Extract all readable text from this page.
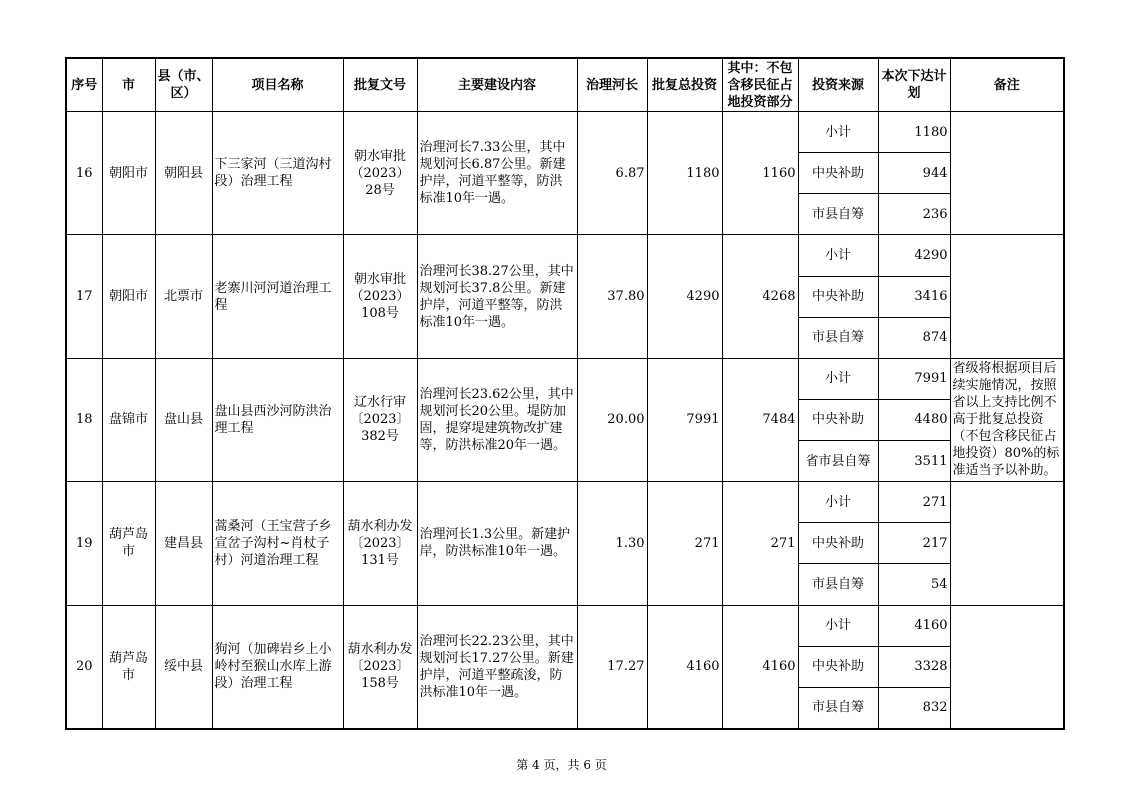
序号	市	县（市、区）	项目名称	批复文号	主要建设内容	治理河长	批复总投资	其中：不包含移民征占地投资部分	投资来源	本次下达计划	备注
16	朝阳市	朝阳县	下三家河（三道沟村段）治理工程	朝水审批（2023）28号	治理河长7.33公里，其中规划河长6.87公里。新建护岸，河道平整等，防洪标准10年一遇。	6.87	1180	1160	小计	1180	
									中央补助	944	
									市县自筹	236	
17	朝阳市	北票市	老寨川河河道治理工程	朝水审批（2023）108号	治理河长38.27公里，其中规划河长37.8公里。新建护岸，河道平整等，防洪标准10年一遇。	37.80	4290	4268	小计	4290	
									中央补助	3416	
									市县自筹	874	
18	盘锦市	盘山县	盘山县西沙河防洪治理工程	辽水行审〔2023〕382号	治理河长23.62公里，其中规划河长20公里。堤防加固，提穿堤建筑物改扩建等，防洪标准20年一遇。	20.00	7991	7484	小计	7991	省级将根据项目后续实施情况，按照省以上支持比例不高于批复总投资（不包含移民征占地投资）80%的标准适当予以补助。
									中央补助	4480	
									省市县自筹	3511	
19	葫芦岛市	建昌县	蒿桑河（王宝营子乡宣岔子沟村~肖杖子村）河道治理工程	葫水利办发〔2023〕131号	治理河长1.3公里。新建护岸，防洪标准10年一遇。	1.30	271	271	小计	271	
									中央补助	217	
									市县自筹	54	
20	葫芦岛市	绥中县	狗河（加碑岩乡上小岭村至猴山水库上游段）治理工程	葫水利办发〔2023〕158号	治理河长22.23公里，其中规划河长17.27公里。新建护岸，河道平整疏浚，防洪标准10年一遇。	17.27	4160	4160	小计	4160	
									中央补助	3328	
									市县自筹	832	
第 4 页，共 6 页
